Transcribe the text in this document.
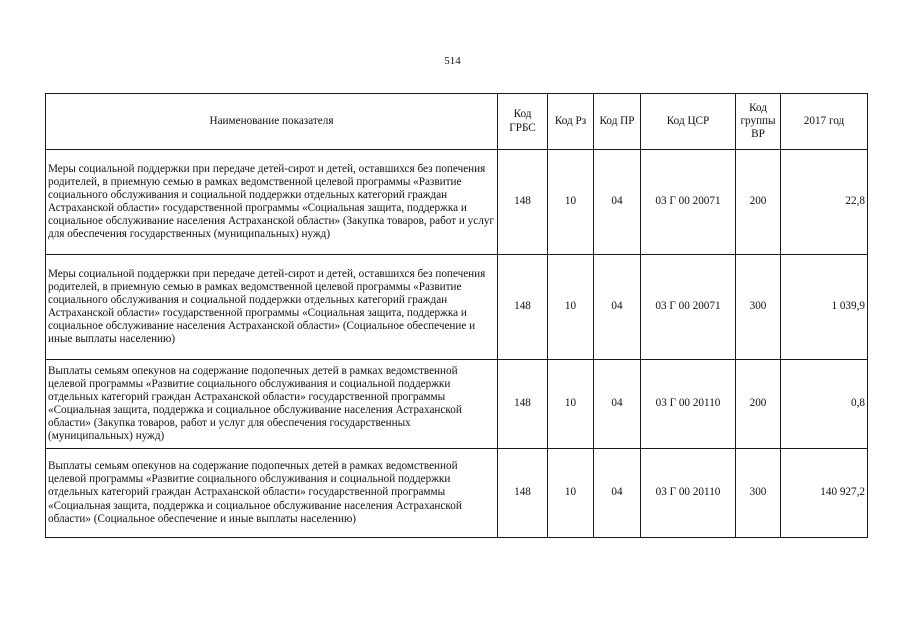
514
Наименование показателя	Код ГРБС	Код Рз	Код ПР	Код ЦСР	Код группы ВР	2017 год
Меры социальной поддержки при передаче детей-сирот и детей, оставшихся без попечения родителей, в приемную семью в рамках ведомственной целевой программы «Развитие социального обслуживания и социальной поддержки отдельных категорий граждан Астраханской области» государственной программы «Социальная защита, поддержка и социальное обслуживание населения Астраханской области» (Закупка товаров, работ и услуг для обеспечения государственных (муниципальных) нужд)	148	10	04	03 Г 00 20071	200	22,8
Меры социальной поддержки при передаче детей-сирот и детей, оставшихся без попечения родителей, в приемную семью в рамках ведомственной целевой программы «Развитие социального обслуживания и социальной поддержки отдельных категорий граждан Астраханской области» государственной программы «Социальная защита, поддержка и социальное обслуживание населения Астраханской области» (Социальное обеспечение и иные выплаты населению)	148	10	04	03 Г 00 20071	300	1 039,9
Выплаты семьям опекунов на содержание подопечных детей в рамках ведомственной целевой программы «Развитие социального обслуживания и социальной поддержки отдельных категорий граждан Астраханской области» государственной программы «Социальная защита, поддержка и социальное обслуживание населения Астраханской области» (Закупка товаров, работ и услуг для обеспечения государственных (муниципальных) нужд)	148	10	04	03 Г 00 20110	200	0,8
Выплаты семьям опекунов на содержание подопечных детей в рамках ведомственной целевой программы «Развитие социального обслуживания и социальной поддержки отдельных категорий граждан Астраханской области» государственной программы «Социальная защита, поддержка и социальное обслуживание населения Астраханской области» (Социальное обеспечение и иные выплаты населению)	148	10	04	03 Г 00 20110	300	140 927,2
